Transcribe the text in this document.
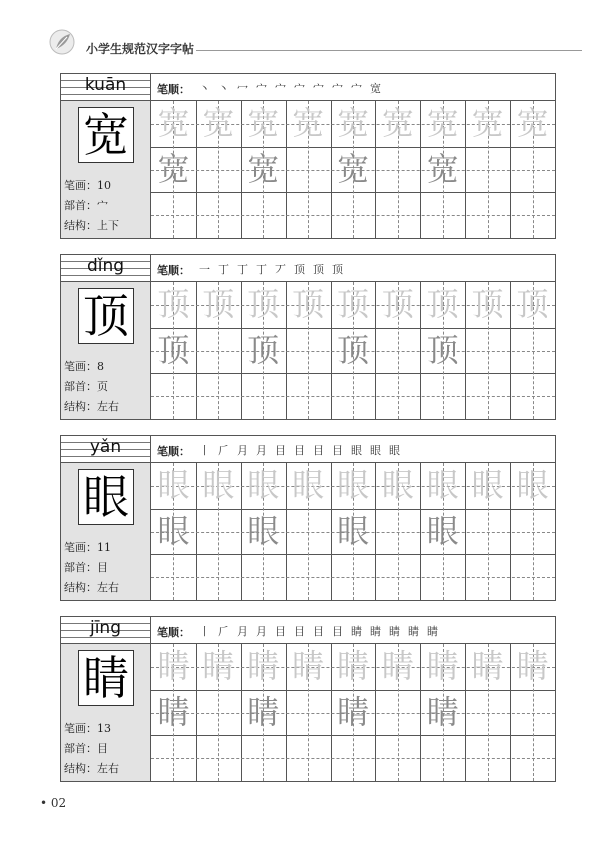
小学生规范汉字字帖
kuān
宽
笔画：10
部首：宀
结构：上下
笔顺： 丶 丶 冖 宀 宀 宀 宀 宀 宀 宽
宽 宽 宽 宽 宽 宽 宽 宽 宽
宽 宽 宽 宽
dǐng
顶
笔画：8
部首：页
结构：左右
笔顺： 一 丁 丁 丁 丆 顶 顶 顶
顶 顶 顶 顶 顶 顶 顶 顶 顶
顶 顶 顶 顶
yǎn
眼
笔画：11
部首：目
结构：左右
笔顺： 丨 𠂆 月 月 目 目 目 目 眼 眼 眼
眼 眼 眼 眼 眼 眼 眼 眼 眼
眼 眼 眼 眼
jīng
睛
笔画：13
部首：目
结构：左右
笔顺： 丨 𠂆 月 月 目 目 目 目 睛 睛 睛 睛 睛
睛 睛 睛 睛 睛 睛 睛 睛 睛
睛 睛 睛 睛
• 02
